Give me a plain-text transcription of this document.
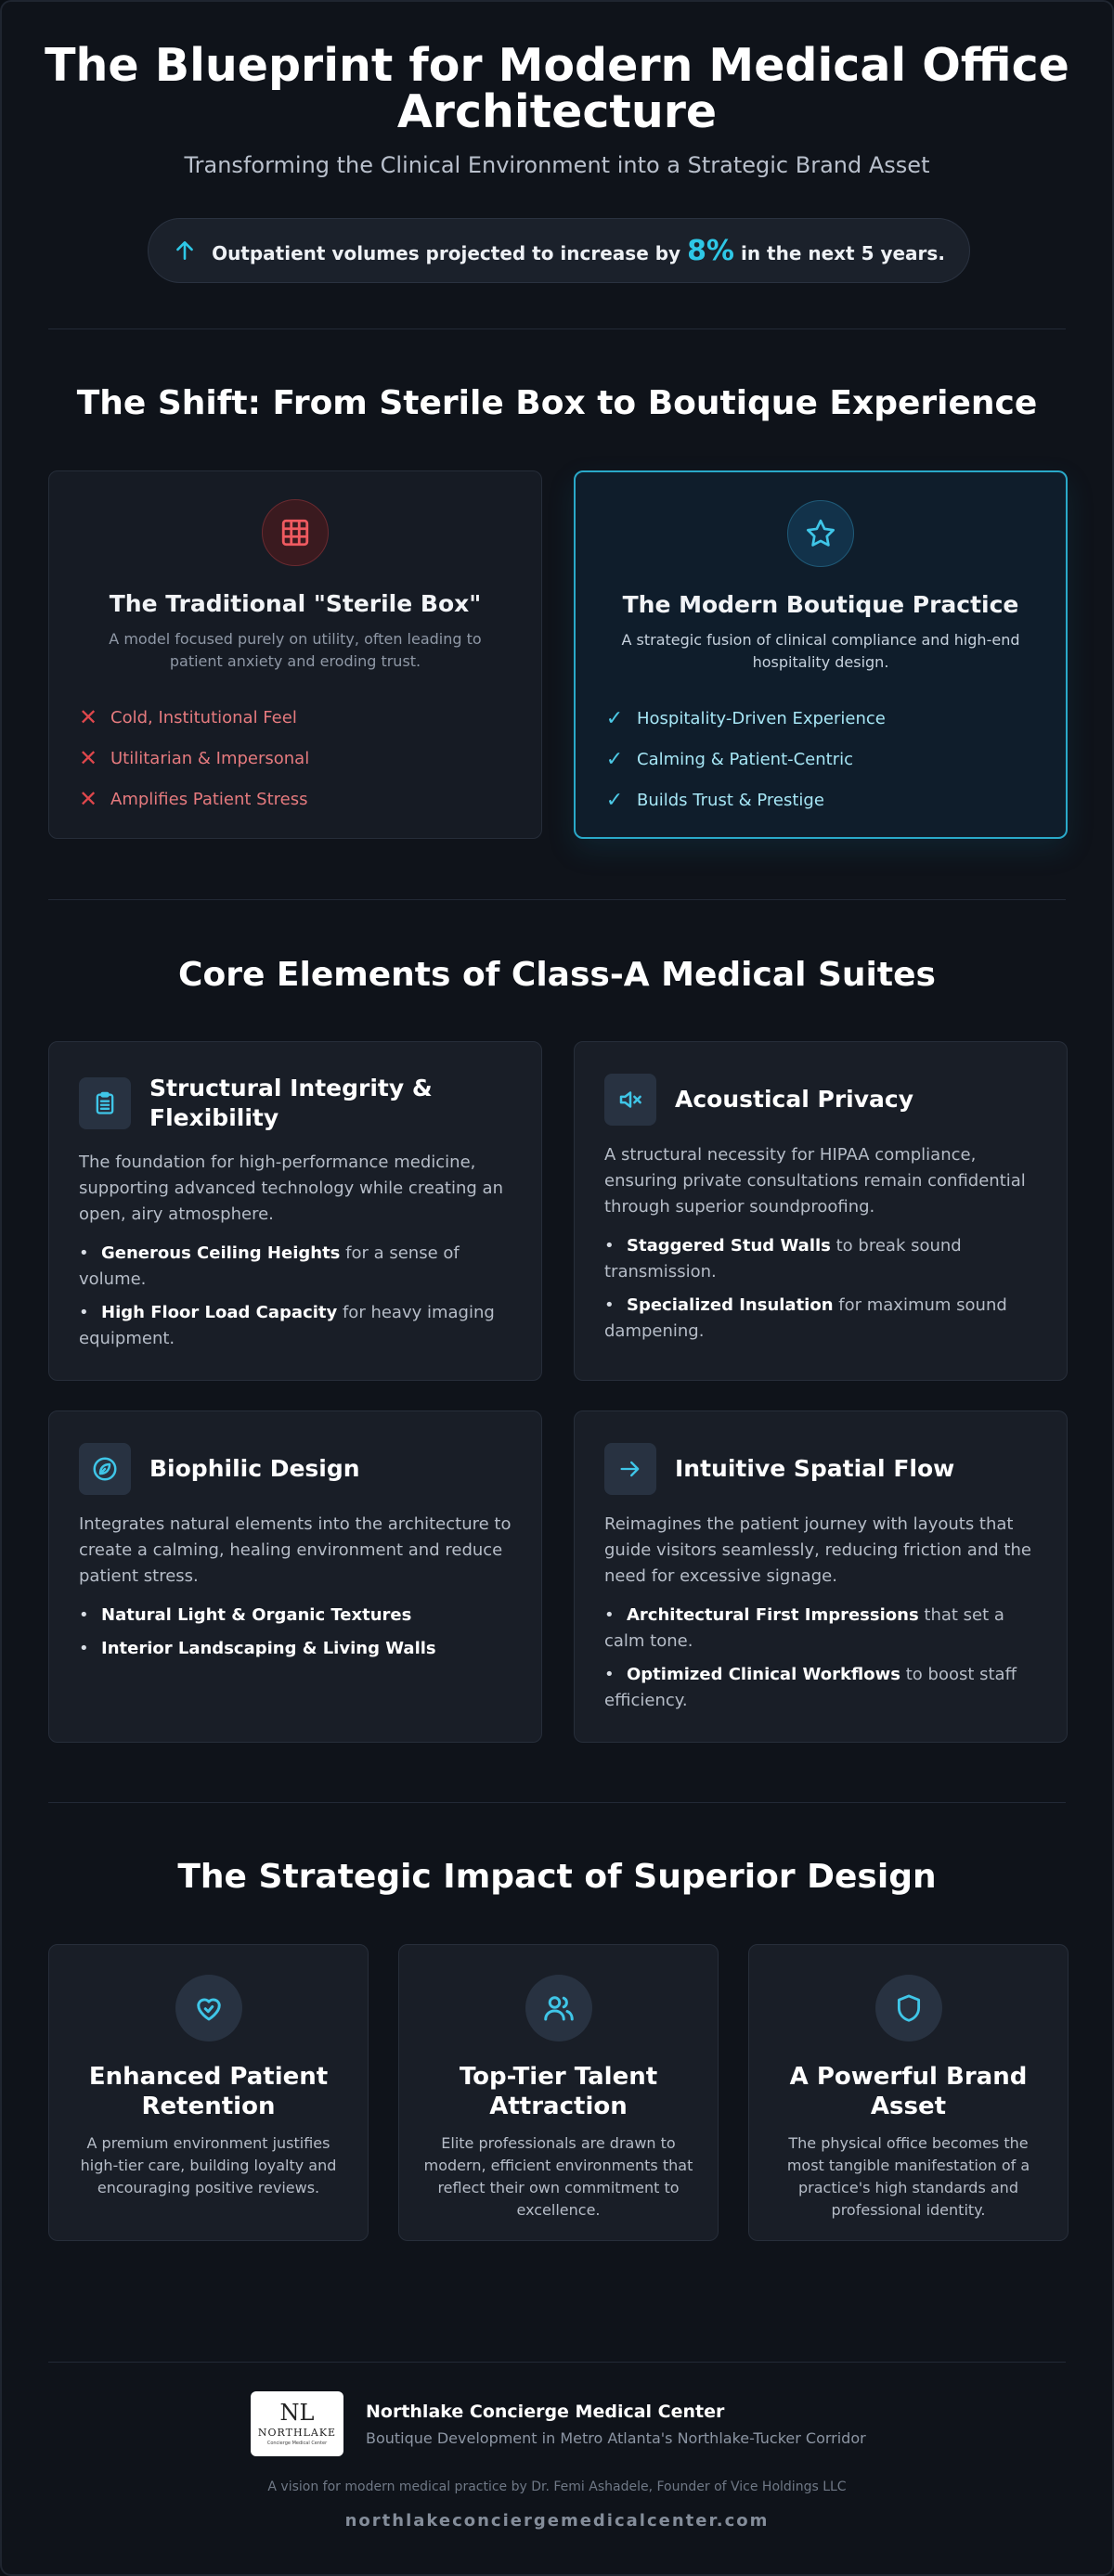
The Blueprint for Modern Medical Office Architecture

Transforming the Clinical Environment into a Strategic Brand Asset

Outpatient volumes projected to increase by 8% in the next 5 years.
The Shift: From Sterile Box to Boutique Experience
The Traditional "Sterile Box"
A model focused purely on utility, often leading to patient anxiety and eroding trust.
✕ Cold, Institutional Feel
✕ Utilitarian & Impersonal
✕ Amplifies Patient Stress
The Modern Boutique Practice
A strategic fusion of clinical compliance and high-end hospitality design.
✓ Hospitality-Driven Experience
✓ Calming & Patient-Centric
✓ Builds Trust & Prestige
Core Elements of Class-A Medical Suites
Structural Integrity & Flexibility
The foundation for high-performance medicine, supporting advanced technology while creating an open, airy atmosphere.
• Generous Ceiling Heights for a sense of volume.
• High Floor Load Capacity for heavy imaging equipment.
Acoustical Privacy
A structural necessity for HIPAA compliance, ensuring private consultations remain confidential through superior soundproofing.
• Staggered Stud Walls to break sound transmission.
• Specialized Insulation for maximum sound dampening.
Biophilic Design
Integrates natural elements into the architecture to create a calming, healing environment and reduce patient stress.
• Natural Light & Organic Textures
• Interior Landscaping & Living Walls
Intuitive Spatial Flow
Reimagines the patient journey with layouts that guide visitors seamlessly, reducing friction and the need for excessive signage.
• Architectural First Impressions that set a calm tone.
• Optimized Clinical Workflows to boost staff efficiency.
The Strategic Impact of Superior Design
Enhanced Patient Retention
A premium environment justifies high-tier care, building loyalty and encouraging positive reviews.
Top-Tier Talent Attraction
Elite professionals are drawn to modern, efficient environments that reflect their own commitment to excellence.
A Powerful Brand Asset
The physical office becomes the most tangible manifestation of a practice's high standards and professional identity.
NL
NORTHLAKE
Concierge Medical Center
Northlake Concierge Medical Center
Boutique Development in Metro Atlanta's Northlake-Tucker Corridor
A vision for modern medical practice by Dr. Femi Ashadele, Founder of Vice Holdings LLC
northlakeconciergemedicalcenter.com
